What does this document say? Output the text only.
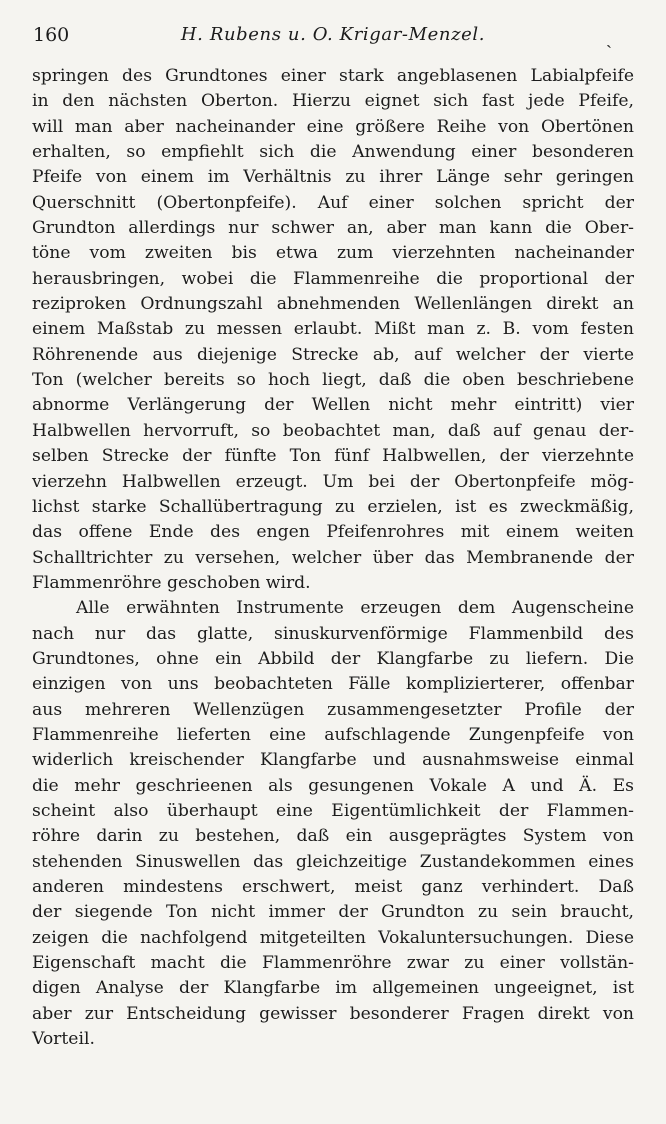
160	H. Rubens u. O. Krigar-Menzel.	ˏ
springen des Grundtones einer stark angeblasenen Labialpfeife
in den nächsten Oberton. Hierzu eignet sich fast jede Pfeife,
will man aber nacheinander eine größere Reihe von Obertönen
erhalten, so empfiehlt sich die Anwendung einer besonderen
Pfeife von einem im Verhältnis zu ihrer Länge sehr geringen
Querschnitt (Obertonpfeife). Auf einer solchen spricht der
Grundton allerdings nur schwer an, aber man kann die Ober-
töne vom zweiten bis etwa zum vierzehnten nacheinander
herausbringen, wobei die Flammenreihe die proportional der
reziproken Ordnungszahl abnehmenden Wellenlängen direkt an
einem Maßstab zu messen erlaubt. Mißt man z. B. vom festen
Röhrenende aus diejenige Strecke ab, auf welcher der vierte
Ton (welcher bereits so hoch liegt, daß die oben beschriebene
abnorme Verlängerung der Wellen nicht mehr eintritt) vier
Halbwellen hervorruft, so beobachtet man, daß auf genau der-
selben Strecke der fünfte Ton fünf Halbwellen, der vierzehnte
vierzehn Halbwellen erzeugt. Um bei der Obertonpfeife mög-
lichst starke Schallübertragung zu erzielen, ist es zweckmäßig,
das offene Ende des engen Pfeifenrohres mit einem weiten
Schalltrichter zu versehen, welcher über das Membranende der
Flammenröhre geschoben wird.
Alle erwähnten Instrumente erzeugen dem Augenscheine
nach nur das glatte, sinuskurvenförmige Flammenbild des
Grundtones, ohne ein Abbild der Klangfarbe zu liefern. Die
einzigen von uns beobachteten Fälle komplizierterer, offenbar
aus mehreren Wellenzügen zusammengesetzter Profile der
Flammenreihe lieferten eine aufschlagende Zungenpfeife von
widerlich kreischender Klangfarbe und ausnahmsweise einmal
die mehr geschrieenen als gesungenen Vokale A und Ä. Es
scheint also überhaupt eine Eigentümlichkeit der Flammen-
röhre darin zu bestehen, daß ein ausgeprägtes System von
stehenden Sinuswellen das gleichzeitige Zustandekommen eines
anderen mindestens erschwert, meist ganz verhindert. Daß
der siegende Ton nicht immer der Grundton zu sein braucht,
zeigen die nachfolgend mitgeteilten Vokaluntersuchungen. Diese
Eigenschaft macht die Flammenröhre zwar zu einer vollstän-
digen Analyse der Klangfarbe im allgemeinen ungeeignet, ist
aber zur Entscheidung gewisser besonderer Fragen direkt von
Vorteil.
